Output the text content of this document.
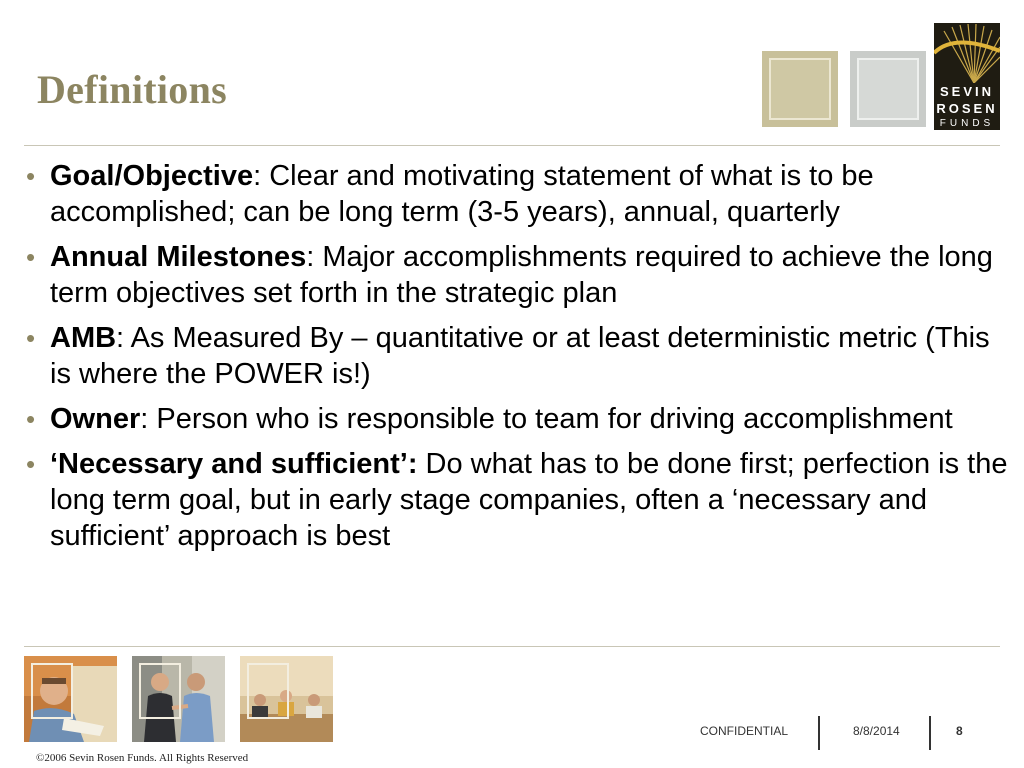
Definitions	SEVIN
ROSEN
FUNDS
• Goal/Objective: Clear and motivating statement of what is to be accomplished; can be long term (3-5 years), annual, quarterly
• Annual Milestones: Major accomplishments required to achieve the long term objectives set forth in the strategic plan
• AMB: As Measured By – quantitative or at least deterministic metric (This is where the POWER is!)
• Owner: Person who is responsible to team for driving accomplishment
• ‘Necessary and sufficient’: Do what has to be done first; perfection is the long term goal, but in early stage companies, often a ‘necessary and sufficient’ approach is best
CONFIDENTIAL	8/8/2014	8
©2006 Sevin Rosen Funds. All Rights Reserved
